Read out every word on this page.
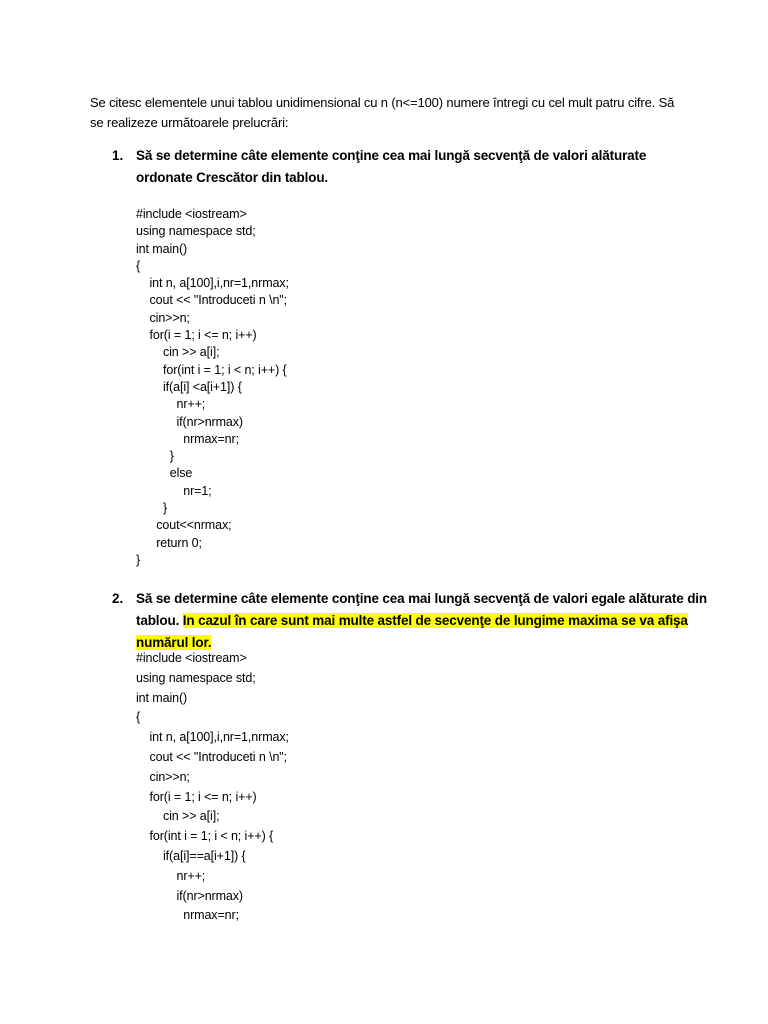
Se citesc elementele unui tablou unidimensional cu n (n<=100) numere întregi cu cel mult patru cifre. Să
se realizeze următoarele prelucrări:
1. Să se determine câte elemente conţine cea mai lungă secvenţă de valori alăturate
ordonate Crescător din tablou.
#include <iostream>
using namespace std;
int main()
{
int n, a[100],i,nr=1,nrmax;
cout << "Introduceti n \n";
cin>>n;
for(i = 1; i <= n; i++)
cin >> a[i];
for(int i = 1; i < n; i++) {
if(a[i] <a[i+1]) {
nr++;
if(nr>nrmax)
nrmax=nr;
}
else
nr=1;
}
cout<<nrmax;
return 0;
}
2. Să se determine câte elemente conţine cea mai lungă secvenţă de valori egale alăturate din
tablou. In cazul în care sunt mai multe astfel de secvenţe de lungime maxima se va afişa
numărul lor.
#include <iostream>
using namespace std;
int main()
{
int n, a[100],i,nr=1,nrmax;
cout << "Introduceti n \n";
cin>>n;
for(i = 1; i <= n; i++)
cin >> a[i];
for(int i = 1; i < n; i++) {
if(a[i]==a[i+1]) {
nr++;
if(nr>nrmax)
nrmax=nr;
